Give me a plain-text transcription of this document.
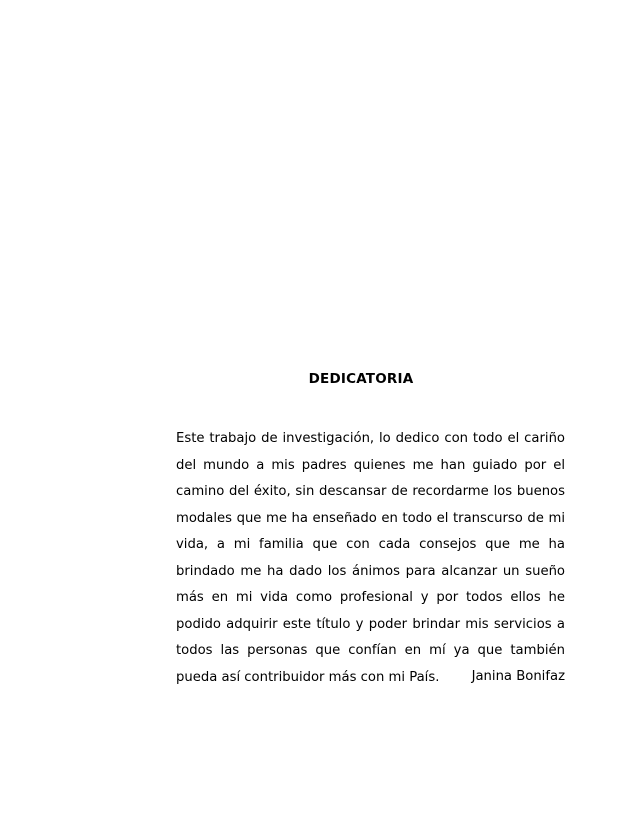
DEDICATORIA
Este trabajo de investigación, lo dedico con todo el cariño
del mundo a mis padres quienes me han guiado por el
camino del éxito, sin descansar de recordarme los buenos
modales que me ha enseñado en todo el transcurso de mi
vida, a mi familia que con cada consejos que me ha
brindado me ha dado los ánimos para alcanzar un sueño
más en mi vida como profesional y por todos ellos he
podido adquirir este título y poder brindar mis servicios a
todos las personas que confían en mí ya que también
pueda así contribuidor más con mi País.	Janina Bonifaz
